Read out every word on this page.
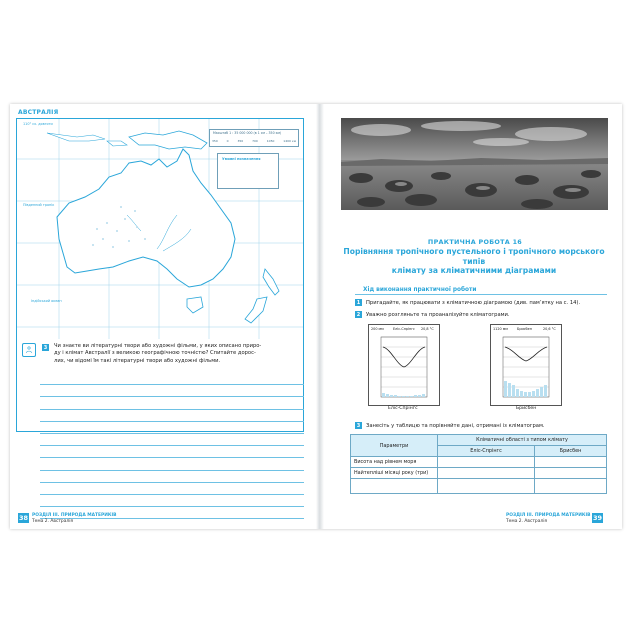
АВСТРАЛІЯ
Масштаб 1 : 35 000 000 (в 1 см – 350 км)
350	0	350	700	1050	1400 км
Умовні позначення
110° сх. довготи
Індійський океан
Південний тропік
3	Чи знаєте ви літературні твори або художні фільми, у яких описано приро-
ду і клімат Австралії з великою географічною точністю? Спитайте дорос-
лих, чи відомі їм такі літературні твори або художні фільми.
38 РОЗДІЛ ІІІ. ПРИРОДА МАТЕРИКІВ
Тема 2. Австралія
ПРАКТИЧНА РОБОТА 16
Порівняння тропічного пустельного і тропічного морського типів
клімату за кліматичними діаграмами
Хід виконання практичної роботи
1	Пригадайте, як працювати з кліматичною діаграмою (див. пам’ятку на с. 14).
2	Уважно розгляньте та проаналізуйте кліматограми.
200 мм	Еліс-Спрінгс 20,8 °С
Еліс-Спрінгс
1120 мм	Брисбен	20,6 °С
Брисбен
3	Занесіть у таблицю та порівняйте дані, отримані із кліматограм.
Параметри	Кліматичні області з типом клімату	
	Еліс-Спрінгс	Брисбен
Висота над рівнем моря		
Найтепліші місяці року (три)		

РОЗДІЛ ІІІ. ПРИРОДА МАТЕРИКІВ
Тема 2. Австралія	39
